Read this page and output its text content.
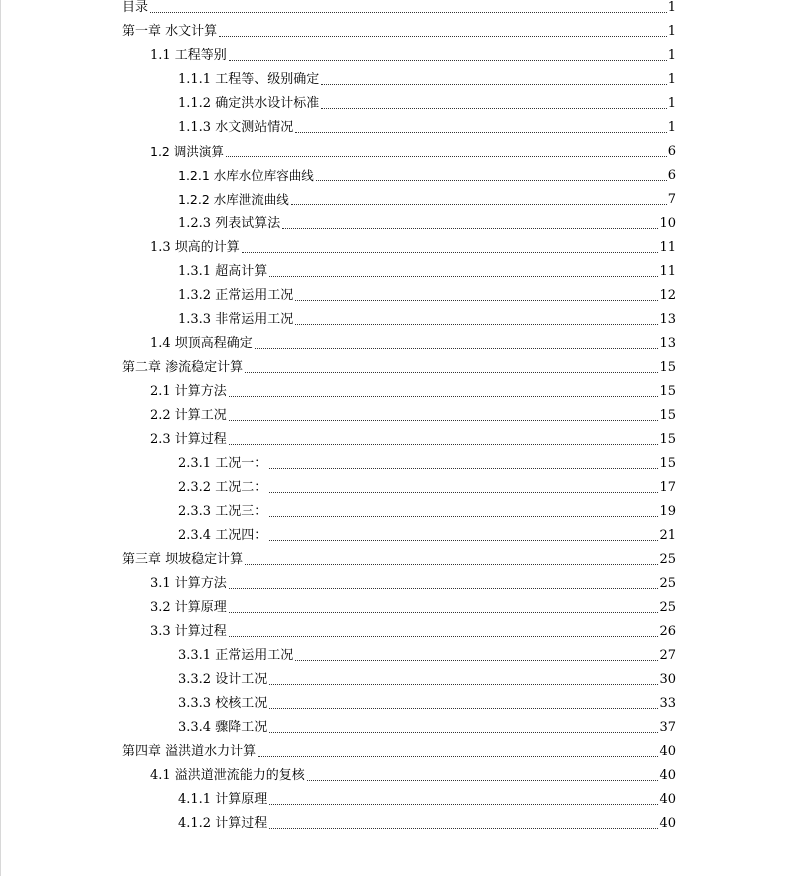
目录	1
第一章 水文计算	1
1.1 工程等别	1
1.1.1 工程等、级别确定	1
1.1.2 确定洪水设计标准	1
1.1.3 水文测站情况	1
1.2 调洪演算	6
1.2.1 水库水位库容曲线	6
1.2.2 水库泄流曲线	7
1.2.3 列表试算法	10
1.3 坝高的计算	11
1.3.1 超高计算	11
1.3.2 正常运用工况	12
1.3.3 非常运用工况	13
1.4 坝顶高程确定	13
第二章 渗流稳定计算	15
2.1 计算方法	15
2.2 计算工况	15
2.3 计算过程	15
2.3.1 工况一：	15
2.3.2 工况二：	17
2.3.3 工况三：	19
2.3.4 工况四：	21
第三章 坝坡稳定计算	25
3.1 计算方法	25
3.2 计算原理	25
3.3 计算过程	26
3.3.1 正常运用工况	27
3.3.2 设计工况	30
3.3.3 校核工况	33
3.3.4 骤降工况	37
第四章 溢洪道水力计算	40
4.1 溢洪道泄流能力的复核	40
4.1.1 计算原理	40
4.1.2 计算过程	40
